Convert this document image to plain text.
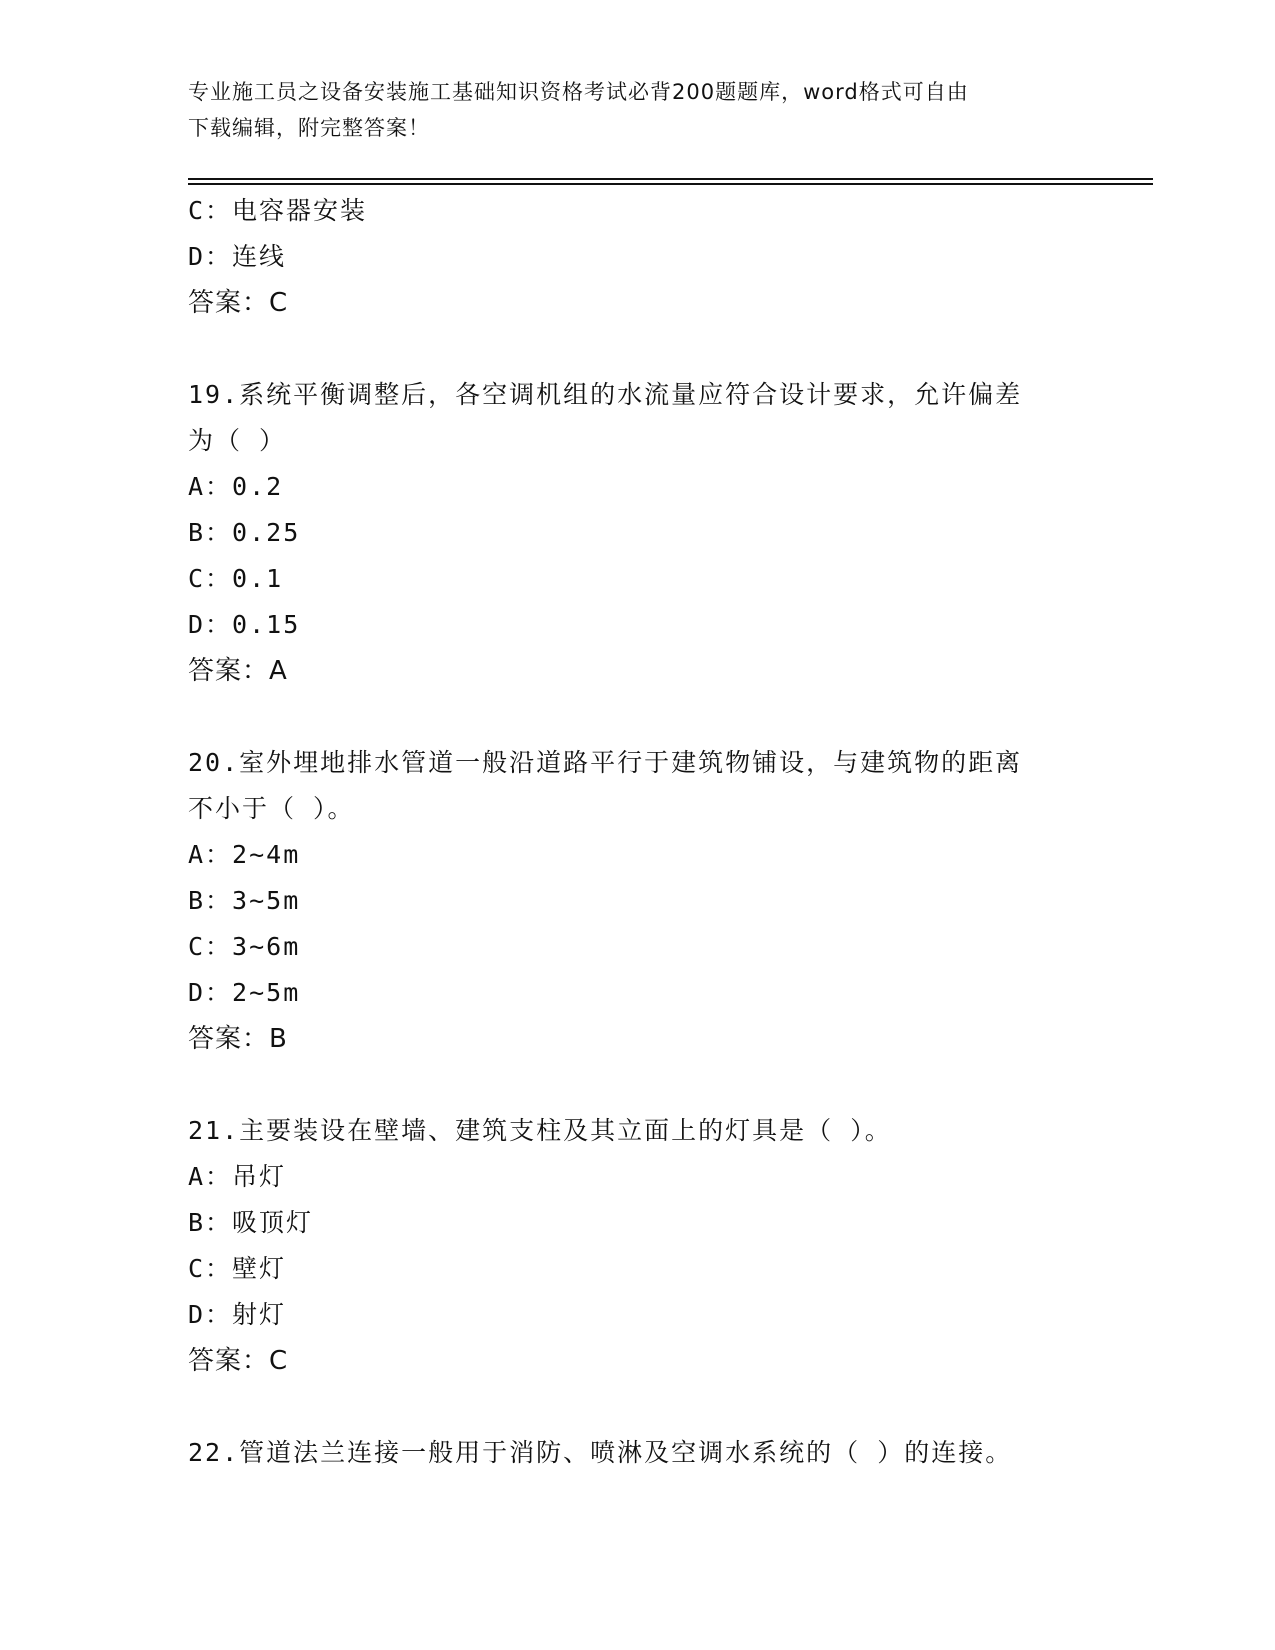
专业施工员之设备安装施工基础知识资格考试必背200题题库，word格式可自由
下载编辑，附完整答案！
C：电容器安装
D：连线
答案：C
19.系统平衡调整后，各空调机组的水流量应符合设计要求，允许偏差
为（ ）
A：0.2
B：0.25
C：0.1
D：0.15
答案：A
20.室外埋地排水管道一般沿道路平行于建筑物铺设，与建筑物的距离
不小于（ ）。
A：2~4m
B：3~5m
C：3~6m
D：2~5m
答案：B
21.主要装设在壁墙、建筑支柱及其立面上的灯具是（ ）。
A：吊灯
B：吸顶灯
C：壁灯
D：射灯
答案：C
22.管道法兰连接一般用于消防、喷淋及空调水系统的（ ）的连接。
